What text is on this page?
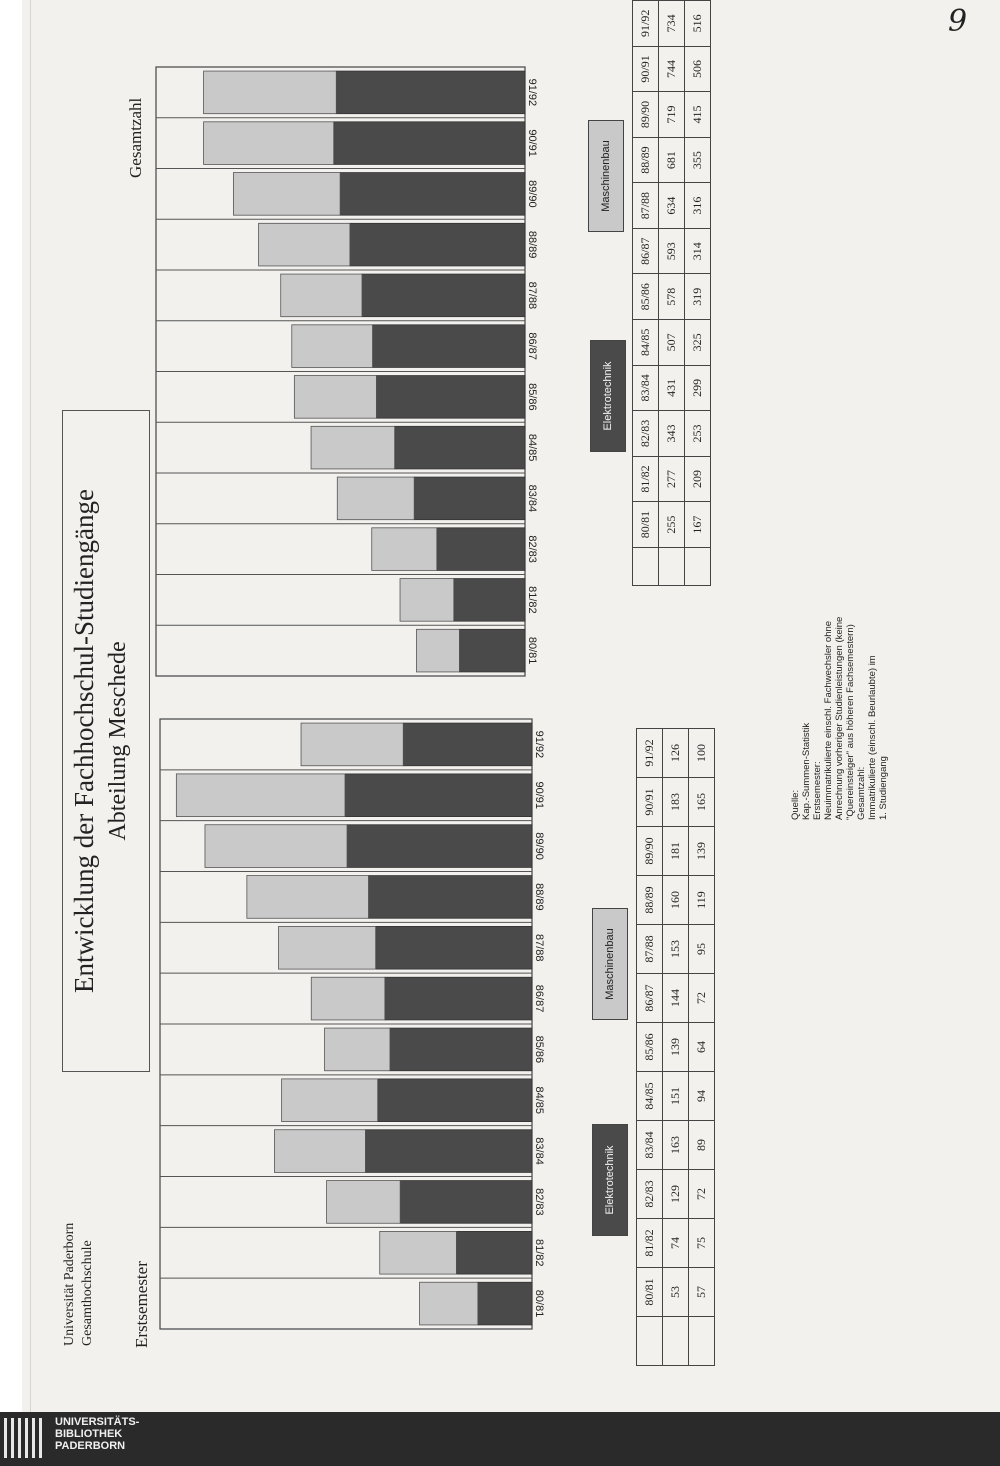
9
Universität Paderborn Gesamthochschule
Entwicklung der Fachhochschul-Studiengänge Abteilung Meschede
Erstsemester
Gesamtzahl
80/81
81/82
82/83
83/84
84/85
85/86
86/87
87/88
88/89
89/90
90/91
91/92
80/81
81/82
82/83
83/84
84/85
85/86
86/87
87/88
88/89
89/90
90/91
91/92
Elektrotechnik
Maschinenbau
Elektrotechnik
Maschinenbau
	80/81	81/82	82/83	83/84	84/85	85/86	86/87	87/88	88/89	89/90	90/91	91/92
	53	74	129	163	151	139	144	153	160	181	183	126
	57	75	72	89	94	64	72	95	119	139	165	100
	80/81	81/82	82/83	83/84	84/85	85/86	86/87	87/88	88/89	89/90	90/91	91/92
	255	277	343	431	507	578	593	634	681	719	744	734
	167	209	253	299	325	319	314	316	355	415	506	516
Quelle: Kap.-Summen-Statistik Erstsemester: Neuimmatrikulierte einschl. Fachwechsler ohne Anrechnung vorheriger Studienleistungen (keine "Quereinsteiger" aus höheren Fachsemestern) Gesamtzahl: Immatrikulierte (einschl. Beurlaubte) im 1. Studiengang
UNIVERSITÄTS-
BIBLIOTHEK
PADERBORN
